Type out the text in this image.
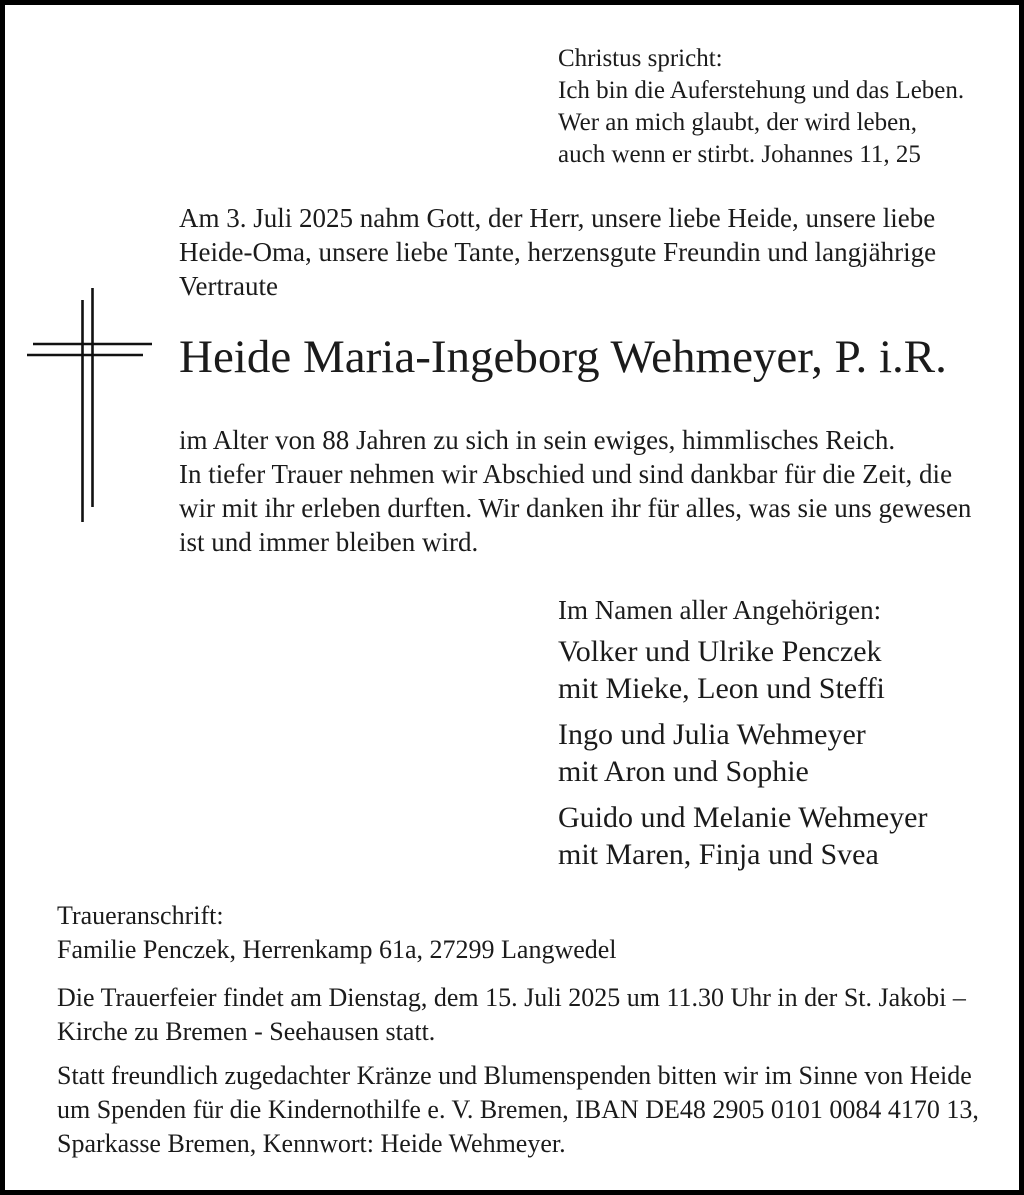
Christus spricht:
Ich bin die Auferstehung und das Leben.
Wer an mich glaubt, der wird leben,
auch wenn er stirbt. Johannes 11, 25
Am 3. Juli 2025 nahm Gott, der Herr, unsere liebe Heide, unsere liebe
Heide-Oma, unsere liebe Tante, herzensgute Freundin und langjährige
Vertraute
Heide Maria-Ingeborg Wehmeyer, P. i.R.
im Alter von 88 Jahren zu sich in sein ewiges, himmlisches Reich.
In tiefer Trauer nehmen wir Abschied und sind dankbar für die Zeit, die
wir mit ihr erleben durften. Wir danken ihr für alles, was sie uns gewesen
ist und immer bleiben wird.
Im Namen aller Angehörigen:
Volker und Ulrike Penczek
mit Mieke, Leon und Steffi
Ingo und Julia Wehmeyer
mit Aron und Sophie
Guido und Melanie Wehmeyer
mit Maren, Finja und Svea
Traueranschrift:
Familie Penczek, Herrenkamp 61a, 27299 Langwedel
Die Trauerfeier findet am Dienstag, dem 15. Juli 2025 um 11.30 Uhr in der St. Jakobi –
Kirche zu Bremen - Seehausen statt.
Statt freundlich zugedachter Kränze und Blumenspenden bitten wir im Sinne von Heide
um Spenden für die Kindernothilfe e. V. Bremen, IBAN DE48 2905 0101 0084 4170 13,
Sparkasse Bremen, Kennwort: Heide Wehmeyer.
